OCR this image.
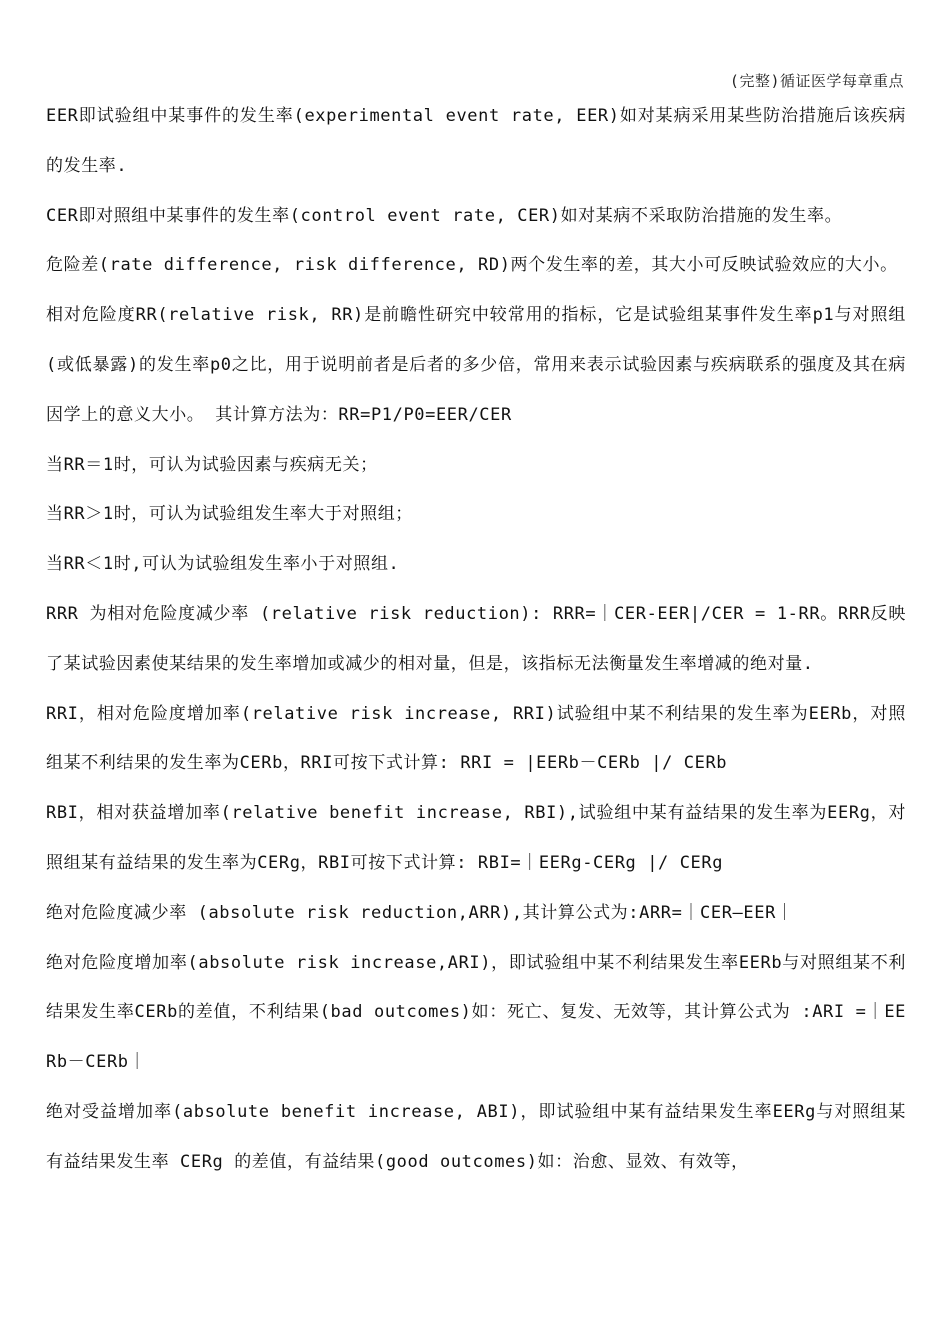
(完整)循证医学每章重点

EER即试验组中某事件的发生率(experimental event rate, EER)如对某病采用某些防治措施后该疾病的发生率.

CER即对照组中某事件的发生率(control event rate, CER)如对某病不采取防治措施的发生率。

危险差(rate difference, risk difference, RD)两个发生率的差，其大小可反映试验效应的大小。

相对危险度RR(relative risk, RR)是前瞻性研究中较常用的指标，它是试验组某事件发生率p1与对照组(或低暴露)的发生率p0之比，用于说明前者是后者的多少倍，常用来表示试验因素与疾病联系的强度及其在病因学上的意义大小。 其计算方法为：RR=P1/P0=EER/CER

当RR＝1时，可认为试验因素与疾病无关；

当RR＞1时，可认为试验组发生率大于对照组；

当RR＜1时,可认为试验组发生率小于对照组.

RRR 为相对危险度减少率 (relative risk reduction): RRR=｜CER-EER|/CER = 1-RR。RRR反映了某试验因素使某结果的发生率增加或减少的相对量，但是，该指标无法衡量发生率增减的绝对量.

RRI，相对危险度增加率(relative risk increase, RRI)试验组中某不利结果的发生率为EERb，对照组某不利结果的发生率为CERb，RRI可按下式计算: RRI = |EERb－CERb |/ CERb

RBI，相对获益增加率(relative benefit increase, RBI),试验组中某有益结果的发生率为EERg，对照组某有益结果的发生率为CERg，RBI可按下式计算: RBI=｜EERg-CERg |/ CERg

绝对危险度减少率 (absolute risk reduction,ARR),其计算公式为:ARR=｜CER—EER｜

绝对危险度增加率(absolute risk increase,ARI)，即试验组中某不利结果发生率EERb与对照组某不利结果发生率CERb的差值，不利结果(bad outcomes)如：死亡、复发、无效等，其计算公式为 :ARI =｜EERb－CERb｜

绝对受益增加率(absolute benefit increase, ABI)，即试验组中某有益结果发生率EERg与对照组某有益结果发生率 CERg 的差值，有益结果(good outcomes)如：治愈、显效、有效等，
